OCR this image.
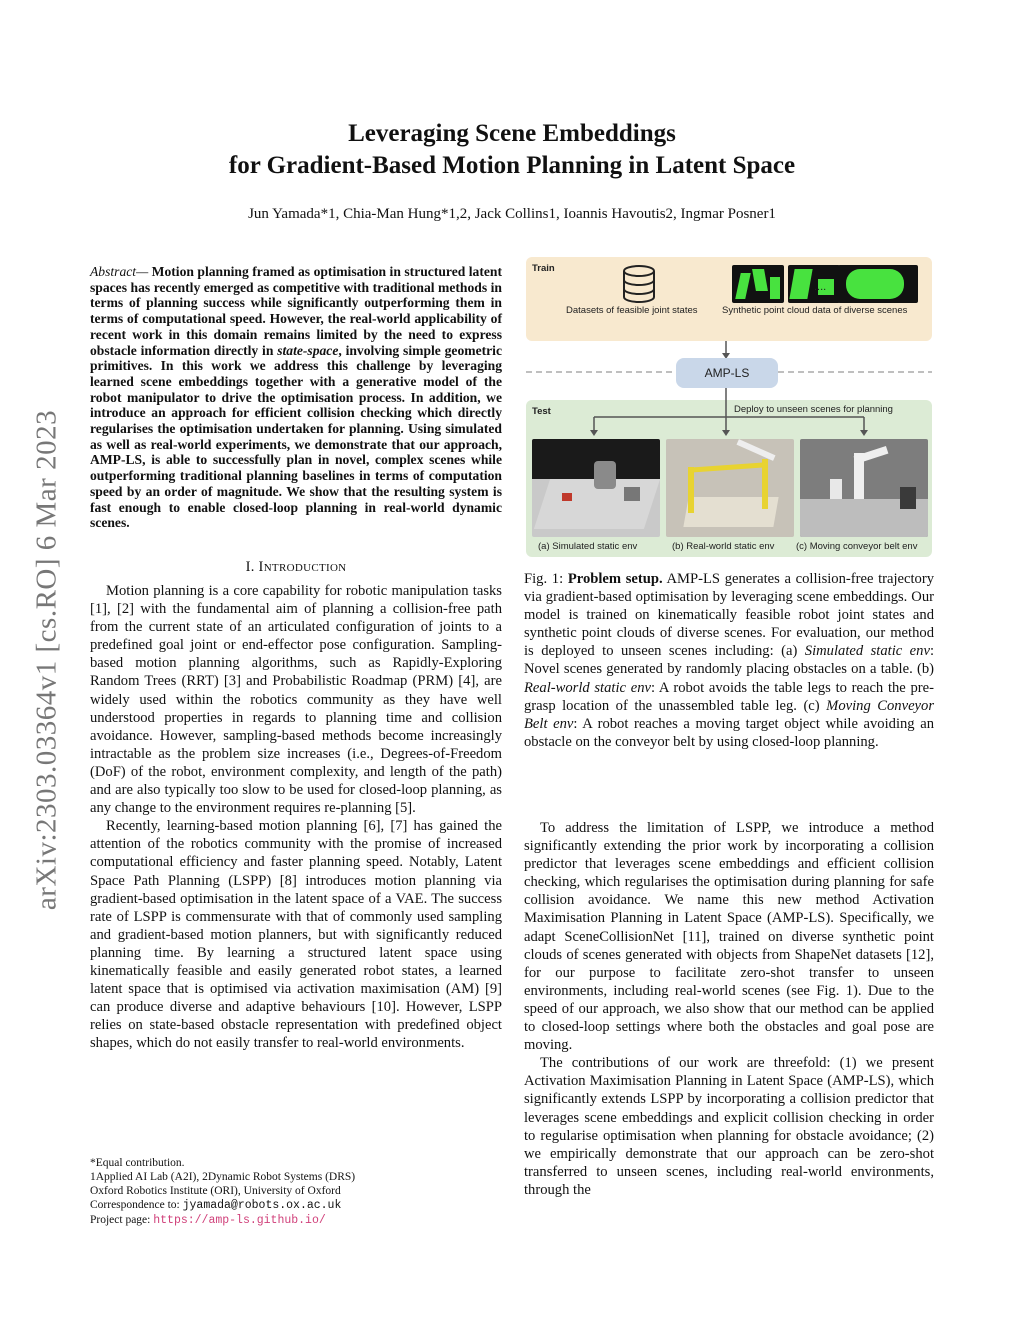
Leveraging Scene Embeddings
for Gradient-Based Motion Planning in Latent Space
Jun Yamada*1, Chia-Man Hung*1,2, Jack Collins1, Ioannis Havoutis2, Ingmar Posner1
arXiv:2303.03364v1 [cs.RO] 6 Mar 2023
Abstract— Motion planning framed as optimisation in structured latent spaces has recently emerged as competitive with traditional methods in terms of planning success while significantly outperforming them in terms of computational speed. However, the real-world applicability of recent work in this domain remains limited by the need to express obstacle information directly in state-space, involving simple geometric primitives. In this work we address this challenge by leveraging learned scene embeddings together with a generative model of the robot manipulator to drive the optimisation process. In addition, we introduce an approach for efficient collision checking which directly regularises the optimisation undertaken for planning. Using simulated as well as real-world experiments, we demonstrate that our approach, AMP-LS, is able to successfully plan in novel, complex scenes while outperforming traditional planning baselines in terms of computation speed by an order of magnitude. We show that the resulting system is fast enough to enable closed-loop planning in real-world dynamic scenes.
I. INTRODUCTION

Motion planning is a core capability for robotic manipulation tasks [1], [2] with the fundamental aim of planning a collision-free path from the current state of an articulated configuration of joints to a predefined goal joint or end-effector pose configuration. Sampling-based motion planning algorithms, such as Rapidly-Exploring Random Trees (RRT) [3] and Probabilistic Roadmap (PRM) [4], are widely used within the robotics community as they have well understood properties in regards to planning time and collision avoidance. However, sampling-based methods become increasingly intractable as the problem size increases (i.e., Degrees-of-Freedom (DoF) of the robot, environment complexity, and length of the path) and are also typically too slow to be used for closed-loop planning, as any change to the environment requires re-planning [5].

Recently, learning-based motion planning [6], [7] has gained the attention of the robotics community with the promise of increased computational efficiency and faster planning speed. Notably, Latent Space Path Planning (LSPP) [8] introduces motion planning via gradient-based optimisation in the latent space of a VAE. The success rate of LSPP is commensurate with that of commonly used sampling and gradient-based motion planners, but with significantly reduced planning time. By learning a structured latent space using kinematically feasible and easily generated robot states, a learned latent space that is optimised via activation maximisation (AM) [9] can produce diverse and adaptive behaviours [10]. However, LSPP relies on state-based obstacle representation with predefined object shapes, which do not easily transfer to real-world environments.

*Equal contribution.
1Applied AI Lab (A2I), 2Dynamic Robot Systems (DRS)
Oxford Robotics Institute (ORI), University of Oxford
Correspondence to: jyamada@robots.ox.ac.uk
Project page: https://amp-ls.github.io/
Train
Datasets of feasible joint states
....
Synthetic point cloud data of diverse scenes
AMP-LS
Test	Deploy to unseen scenes for planning
(a) Simulated static env	(b) Real-world static env (c) Moving conveyor belt env
Fig. 1: Problem setup. AMP-LS generates a collision-free trajectory via gradient-based optimisation by leveraging scene embeddings. Our model is trained on kinematically feasible robot joint states and synthetic point clouds of diverse scenes. For evaluation, our method is deployed to unseen scenes including: (a) Simulated static env: Novel scenes generated by randomly placing obstacles on a table. (b) Real-world static env: A robot avoids the table legs to reach the pre-grasp location of the unassembled table leg. (c) Moving Conveyor Belt env: A robot reaches a moving target object while avoiding an obstacle on the conveyor belt by using closed-loop planning.

To address the limitation of LSPP, we introduce a method significantly extending the prior work by incorporating a collision predictor that leverages scene embeddings and efficient collision checking, which regularises the optimisation during planning for safe collision avoidance. We name this new method Activation Maximisation Planning in Latent Space (AMP-LS). Specifically, we adapt SceneCollisionNet [11], trained on diverse synthetic point clouds of scenes generated with objects from ShapeNet datasets [12], for our purpose to facilitate zero-shot transfer to unseen environments, including real-world scenes (see Fig. 1). Due to the speed of our approach, we also show that our method can be applied to closed-loop settings where both the obstacles and goal pose are moving.

The contributions of our work are threefold: (1) we present Activation Maximisation Planning in Latent Space (AMP-LS), which significantly extends LSPP by incorporating a collision predictor that leverages scene embeddings and explicit collision checking in order to regularise optimisation when planning for obstacle avoidance; (2) we empirically demonstrate that our approach can be zero-shot transferred to unseen scenes, including real-world environments, through the
